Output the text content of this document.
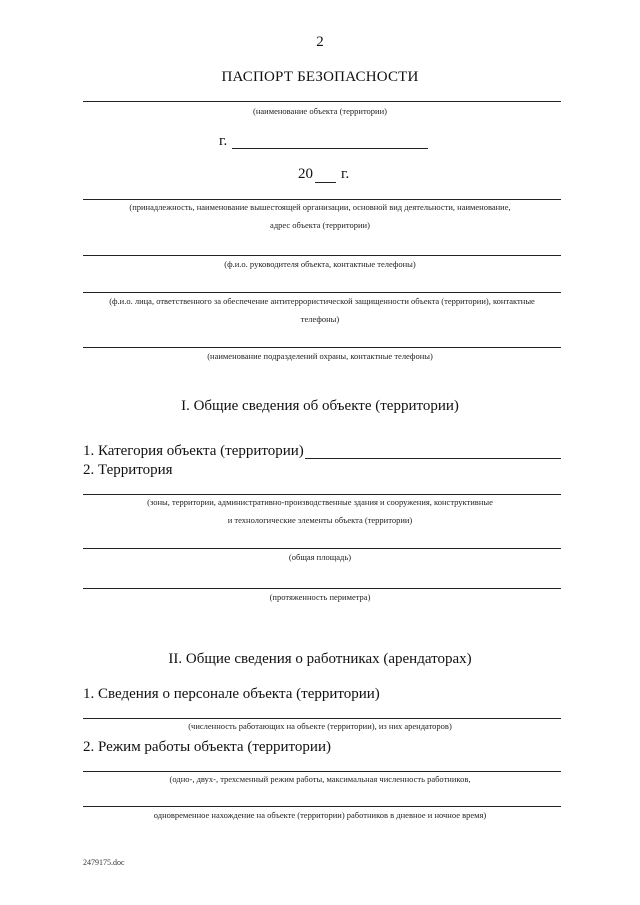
2
ПАСПОРТ БЕЗОПАСНОСТИ
(наименование объекта (территории)
г.
20 г.
(принадлежность, наименование вышестоящей организации, основной вид деятельности, наименование,
адрес объекта (территории)
(ф.и.о. руководителя объекта, контактные телефоны)
(ф.и.о. лица, ответственного за обеспечение антитеррористической защищенности объекта (территории), контактные
телефоны)
(наименование подразделений охраны, контактные телефоны)
I. Общие сведения об объекте (территории)
1. Категория объекта (территории)
2. Территория
(зоны, территории, административно-производственные здания и сооружения, конструктивные
и технологические элементы объекта (территории)
(общая площадь)
(протяженность периметра)
II. Общие сведения о работниках (арендаторах)
1. Сведения о персонале объекта (территории)
(численность работающих на объекте (территории), из них арендаторов)
2. Режим работы объекта (территории)
(одно-, двух-, трехсменный режим работы, максимальная численность работников,
одновременное нахождение на объекте (территории) работников в дневное и ночное время)
2479175.doc
